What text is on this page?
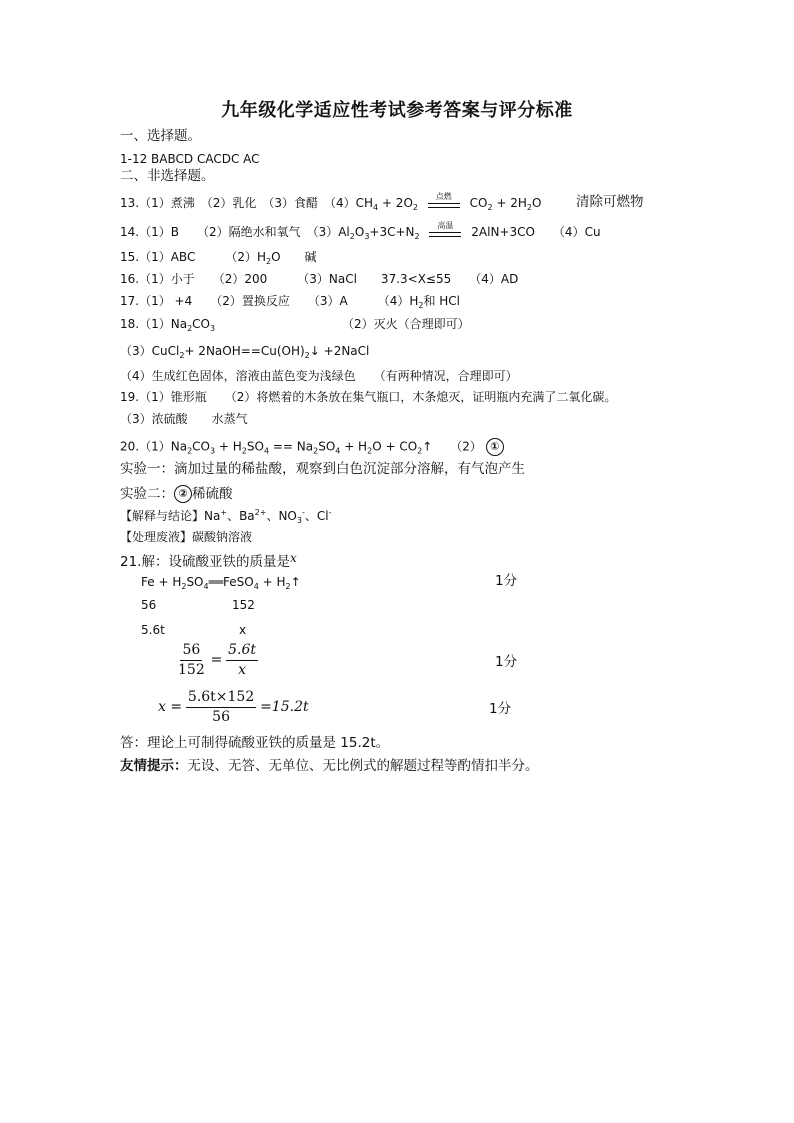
九年级化学适应性考试参考答案与评分标准
一、选择题。
1-12 BABCD CACDC AC
二、非选择题。
13.（1）煮沸　（2）乳化　（3）食醋　$(4)CH_4 + 2O_2$
点燃	$CO_2 + 2H_2O$	清除可燃物
14.（1）B　　（2）隔绝水和氧气　$(3)Al_2O_3+3C+N_2$
高温	2AlN+3CO　　（4）Cu
15.（1）ABC　　　$(2)H_2O$　　碱
16.（1）小于　　（2）200　　　（3）NaCl　　37.3<X≤55　　（4）AD
17.（1） +4　　（2）置换反应　　（3）A　　　$(4)H_2$和 HCl
$18.(1)Na_2CO_3$	（2）灭火（合理即可）
（3）CuCl$_2$+ $2NaOH==Cu(OH)_2↓$ +2NaCl
（4）生成红色固体，溶液由蓝色变为浅绿色　　（有两种情况，合理即可）
19.（1）锥形瓶　　（2）将燃着的木条放在集气瓶口，木条熄灭，证明瓶内充满了二氧化碳。
（3）浓硫酸　　水蒸气
$20.(1)Na_2CO_3 + H_2SO_4 == Na_2SO_4 + H_2O$ + $CO_2↑$　　（2） ①
实验一：滴加过量的稀盐酸，观察到白色沉淀部分溶解，有气泡产生
实验二： ② 稀硫酸
【解释与结论】Na+、$Ba^{2+}$、$NO_3^-$、Cl-
【处理废液】碳酸钠溶液
21.解：设硫酸亚铁的质量是x
$Fe + H_2SO_4══FeSO_4$ + $H_2↑$	1分
56	152
5.6t	x
$\frac{56}{152} = \frac{5.6t}{x}$	1分
$x = \frac{5.6t\times 152}{56} =15.2t$	1分
答：理论上可制得硫酸亚铁的质量是 15.2t。
友情提示：无设、无答、无单位、无比例式的解题过程等酌情扣半分。
